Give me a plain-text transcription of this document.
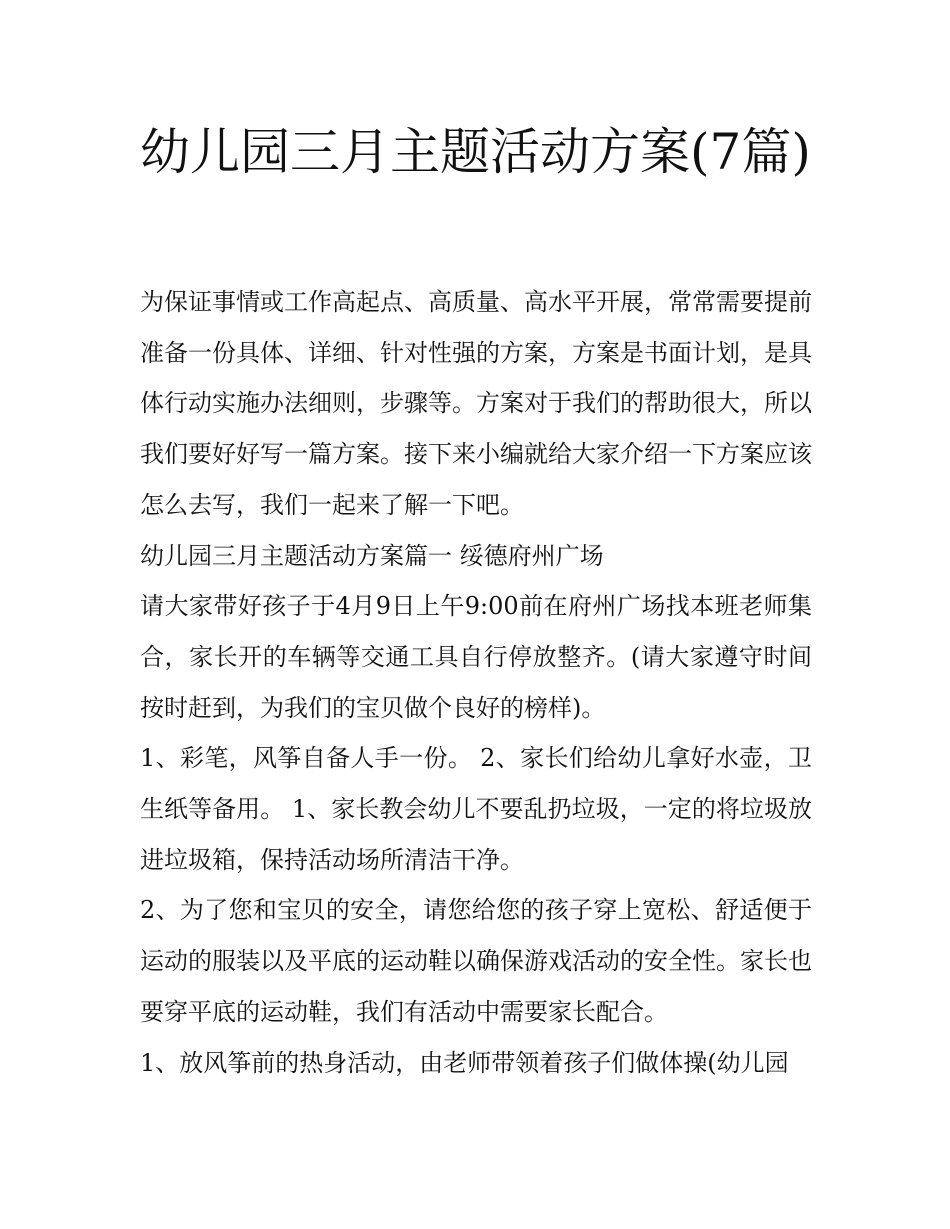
幼儿园三月主题活动方案(7篇)

为保证事情或工作高起点、高质量、高水平开展，常常需要提前准备一份具体、详细、针对性强的方案，方案是书面计划，是具体行动实施办法细则，步骤等。方案对于我们的帮助很大，所以我们要好好写一篇方案。接下来小编就给大家介绍一下方案应该怎么去写，我们一起来了解一下吧。

幼儿园三月主题活动方案篇一 绥德府州广场

请大家带好孩子于4月9日上午9:00前在府州广场找本班老师集合，家长开的车辆等交通工具自行停放整齐。(请大家遵守时间按时赶到，为我们的宝贝做个良好的榜样)。

1、彩笔，风筝自备人手一份。 2、家长们给幼儿拿好水壶，卫生纸等备用。 1、家长教会幼儿不要乱扔垃圾，一定的将垃圾放进垃圾箱，保持活动场所清洁干净。

2、为了您和宝贝的安全，请您给您的孩子穿上宽松、舒适便于运动的服装以及平底的运动鞋以确保游戏活动的安全性。家长也要穿平底的运动鞋，我们有活动中需要家长配合。

1、放风筝前的热身活动，由老师带领着孩子们做体操(幼儿园
